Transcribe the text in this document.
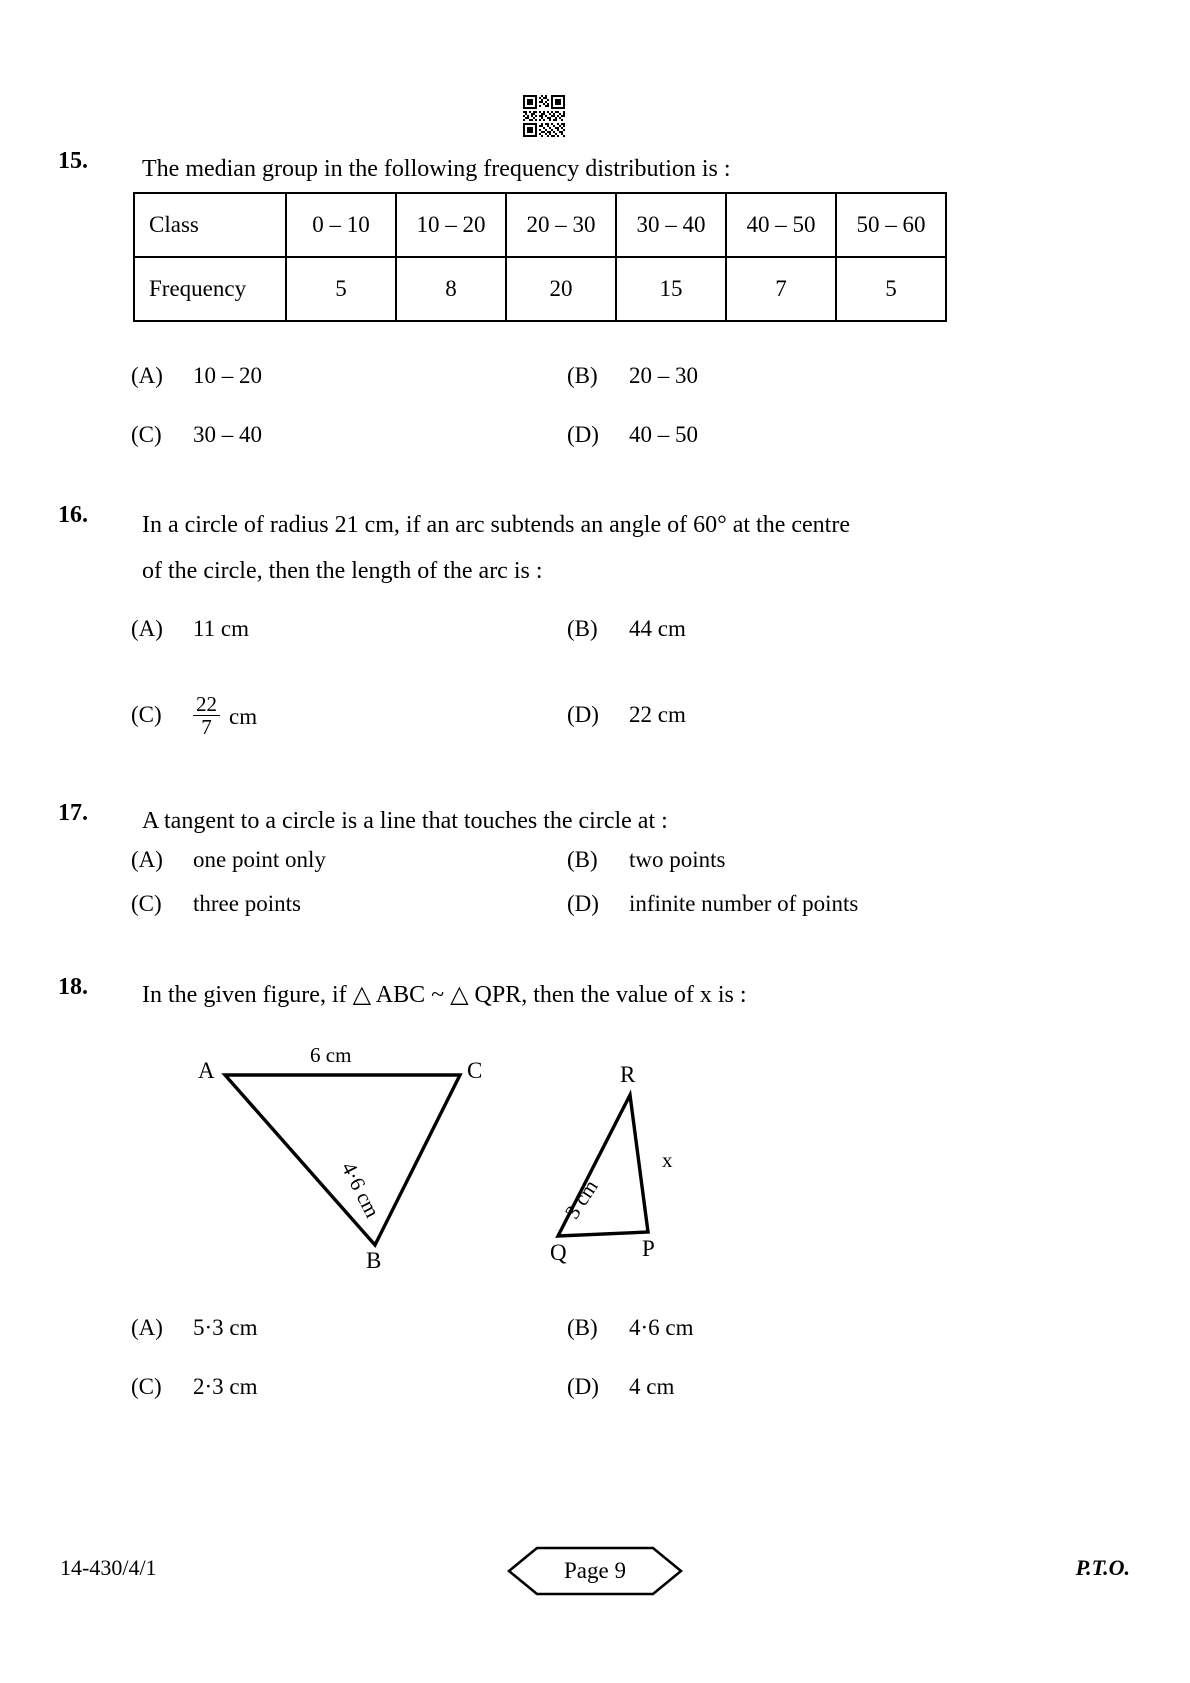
15.	The median group in the following frequency distribution is :
Class	0 – 10	10 – 20	20 – 30	30 – 40	40 – 50	50 – 60
Frequency	5	8	20	15	7	5
(A) 10 – 20	(B) 20 – 30
(C) 30 – 40	(D) 40 – 50
16.	In a circle of radius 21 cm, if an arc subtends an angle of 60° at the centre
of the circle, then the length of the arc is :
(A) 11 cm	(B) 44 cm
$(C) \frac{22}{7}$ cm	(D) 22 cm
17.	A tangent to a circle is a line that touches the circle at :
(A) one point only	(B) two points
(C) three points	(D) infinite number of points
18.	In the given figure, if △ ABC ~ △ QPR, then the value of x is :
A	C
B
6 cm
4·6 cm
R
Q	P
3 cm
x
(A) 5·3 cm	(B) 4·6 cm
(C) 2·3 cm	(D) 4 cm
14-430/4/1	Page 9	P.T.O.
